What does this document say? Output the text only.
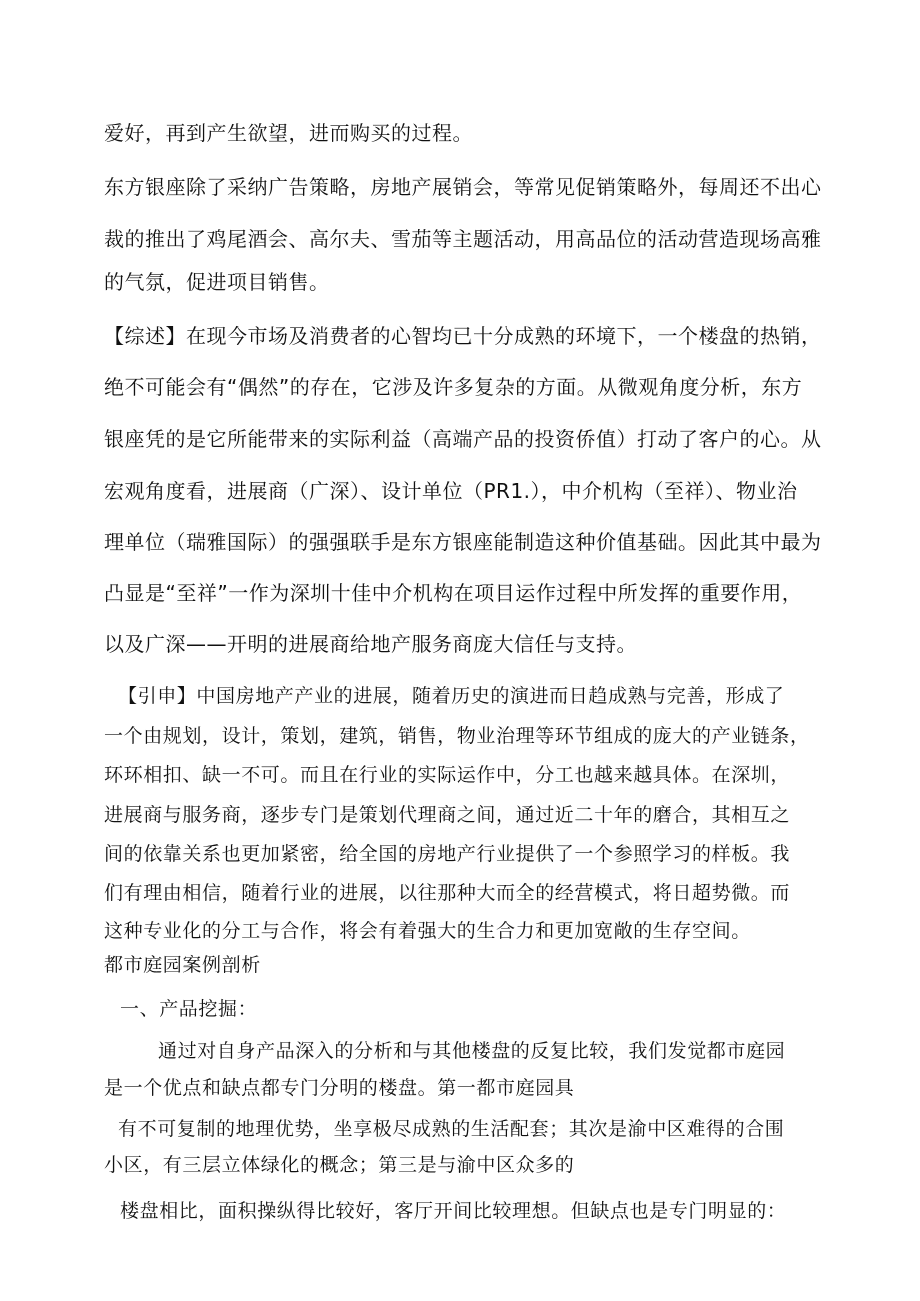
爱好，再到产生欲望，进而购买的过程。
东方银座除了采纳广告策略，房地产展销会，等常见促销策略外，每周还不出心
裁的推出了鸡尾酒会、高尔夫、雪茄等主题活动，用高品位的活动营造现场高雅
的气氛，促进项目销售。
【综述】在现今市场及消费者的心智均已十分成熟的环境下，一个楼盘的热销，
绝不可能会有“偶然”的存在，它涉及许多复杂的方面。从微观角度分析，东方
银座凭的是它所能带来的实际利益（高端产品的投资侨值）打动了客户的心。从
宏观角度看，进展商（广深）、设计单位（PR1.），中介机构（至祥）、物业治
理单位（瑞雅国际）的强强联手是东方银座能制造这种价值基础。因此其中最为
凸显是“至祥”一作为深圳十佳中介机构在项目运作过程中所发挥的重要作用，
以及广深——开明的进展商给地产服务商庞大信任与支持。
【引申】中国房地产产业的进展，随着历史的演进而日趋成熟与完善，形成了
一个由规划，设计，策划，建筑，销售，物业治理等环节组成的庞大的产业链条，
环环相扣、缺一不可。而且在行业的实际运作中，分工也越来越具体。在深圳，
进展商与服务商，逐步专门是策划代理商之间，通过近二十年的磨合，其相互之
间的依靠关系也更加紧密，给全国的房地产行业提供了一个参照学习的样板。我
们有理由相信，随着行业的进展，以往那种大而全的经营模式，将日超势微。而
这种专业化的分工与合作，将会有着强大的生合力和更加宽敞的生存空间。
都市庭园案例剖析
一、产品挖掘：
通过对自身产品深入的分析和与其他楼盘的反复比较，我们发觉都市庭园
是一个优点和缺点都专门分明的楼盘。第一都市庭园具
有不可复制的地理优势，坐享极尽成熟的生活配套；其次是渝中区难得的合围
小区，有三层立体绿化的概念；第三是与渝中区众多的
楼盘相比，面积操纵得比较好，客厅开间比较理想。但缺点也是专门明显的：
